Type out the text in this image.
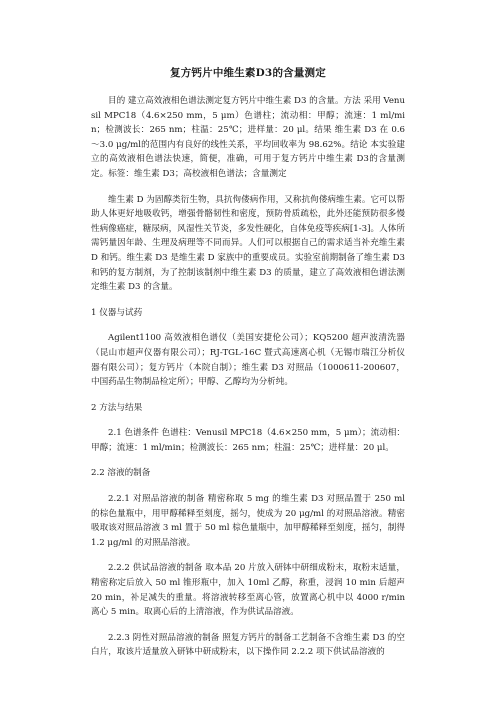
复方钙片中维生素D3的含量测定

目的 建立高效液相色谱法测定复方钙片中维生素 D3 的含量。方法 采用 Venusil MPC18（4.6×250 mm，5 μm）色谱柱；流动相：甲醇；流速：1 ml/min；检测波长：265 nm；柱温：25℃；进样量：20 μl。结果 维生素 D3 在 0.6～3.0 μg/ml的范围内有良好的线性关系，平均回收率为 98.62%。结论 本实验建立的高效液相色谱法快速，简便，准确，可用于复方钙片中维生素 D3的含量测定。标签：维生素 D3；高校液相色谱法；含量测定

维生素 D 为固醇类衍生物，具抗佝偻病作用，又称抗佝偻病维生素。它可以帮助人体更好地吸收钙，增强骨骼韧性和密度，预防骨质疏松，此外还能预防很多慢性病像癌症，糖尿病，风湿性关节炎，多发性硬化，自体免疫等疾病[1-3]。人体所需钙量因年龄、生理及病理等不同而异。人们可以根据自己的需求适当补充维生素 D 和钙。维生素 D3 是维生素 D 家族中的重要成员。实验室前期制备了维生素 D3 和钙的复方制剂，为了控制该制剂中维生素 D3 的质量，建立了高效液相色谱法测定维生素 D3 的含量。

1 仪器与试药

Agilent1100 高效液相色谱仪（美国安捷伦公司）；KQ5200 超声波清洗器（昆山市超声仪器有限公司）；RJ-TGL-16C 暨式高速离心机（无锡市瑞江分析仪器有限公司）；复方钙片（本院自制）；维生素 D3 对照品（1000611-200607，中国药品生物制品检定所）；甲醇、乙醇均为分析纯。

2 方法与结果

2.1 色谱条件 色谱柱：Venusil MPC18（4.6×250 mm，5 μm）；流动相：甲醇；流速：1 ml/min；检测波长：265 nm；柱温：25℃；进样量：20 μl。

2.2 溶液的制备

2.2.1 对照品溶液的制备 精密称取 5 mg 的维生素 D3 对照品置于 250 ml 的棕色量瓶中，用甲醇稀释至刻度，摇匀，使成为 20 μg/ml 的对照品溶液。精密吸取该对照品溶液 3 ml 置于 50 ml 棕色量瓶中，加甲醇稀释至刻度，摇匀，制得 1.2 μg/ml 的对照品溶液。

2.2.2 供试品溶液的制备 取本品 20 片放入研钵中研细成粉末，取粉末适量，精密称定后放入 50 ml 锥形瓶中，加入 10ml 乙醇，称重，浸润 10 min 后超声 20 min，补足减失的重量。将溶液转移至离心管，放置离心机中以 4000 r/min 离心 5 min。取离心后的上清溶液，作为供试品溶液。

2.2.3 阴性对照品溶液的制备 照复方钙片的制备工艺制备不含维生素 D3 的空白片，取该片适量放入研钵中研成粉末，以下操作同 2.2.2 项下供试品溶液的
